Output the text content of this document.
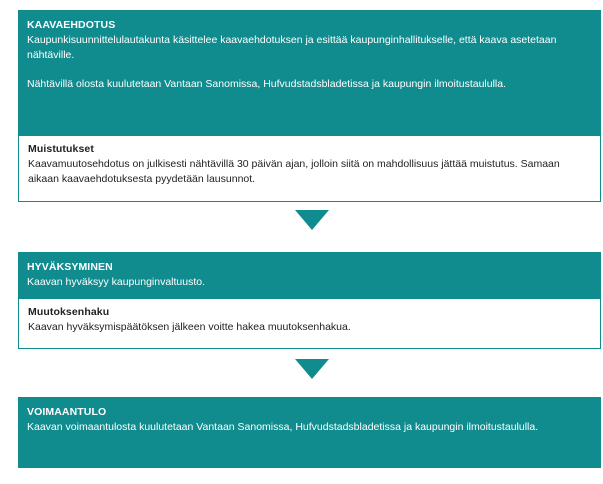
KAAVAEHDOTUS
Kaupunkisuunnittelulautakunta käsittelee kaavaehdotuksen ja esittää kaupunginhallitukselle, että kaava asetetaan nähtäville.
Nähtävillä olosta kuulutetaan Vantaan Sanomissa, Hufvudstadsbladetissa ja kaupungin ilmoitustaululla.
Muistutukset
Kaavamuutosehdotus on julkisesti nähtävillä 30 päivän ajan, jolloin siitä on mahdollisuus jättää muistutus. Samaan aikaan kaavaehdotuksesta pyydetään lausunnot.
HYVÄKSYMINEN
Kaavan hyväksyy kaupunginvaltuusto.
Muutoksenhaku
Kaavan hyväksymispäätöksen jälkeen voitte hakea muutoksenhakua.
VOIMAANTULO
Kaavan voimaantulosta kuulutetaan Vantaan Sanomissa, Hufvudstadsbladetissa ja kaupungin ilmoitustaululla.
